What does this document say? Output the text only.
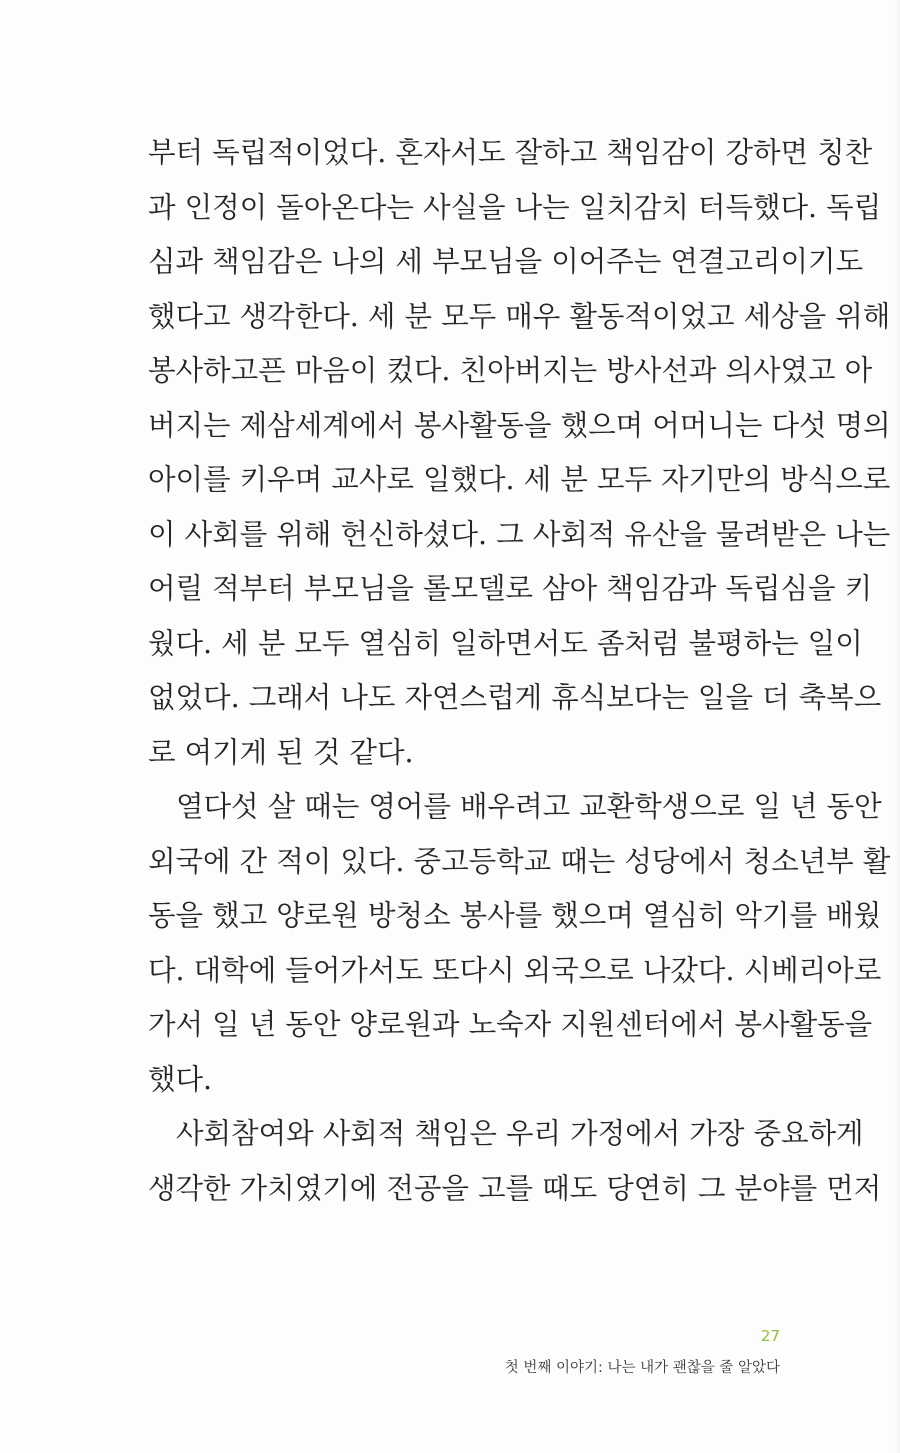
부터 독립적이었다. 혼자서도 잘하고 책임감이 강하면 칭찬
과 인정이 돌아온다는 사실을 나는 일치감치 터득했다. 독립
심과 책임감은 나의 세 부모님을 이어주는 연결고리이기도
했다고 생각한다. 세 분 모두 매우 활동적이었고 세상을 위해
봉사하고픈 마음이 컸다. 친아버지는 방사선과 의사였고 아
버지는 제삼세계에서 봉사활동을 했으며 어머니는 다섯 명의
아이를 키우며 교사로 일했다. 세 분 모두 자기만의 방식으로
이 사회를 위해 헌신하셨다. 그 사회적 유산을 물려받은 나는
어릴 적부터 부모님을 롤모델로 삼아 책임감과 독립심을 키
웠다. 세 분 모두 열심히 일하면서도 좀처럼 불평하는 일이
없었다. 그래서 나도 자연스럽게 휴식보다는 일을 더 축복으
로 여기게 된 것 같다.
열다섯 살 때는 영어를 배우려고 교환학생으로 일 년 동안
외국에 간 적이 있다. 중고등학교 때는 성당에서 청소년부 활
동을 했고 양로원 방청소 봉사를 했으며 열심히 악기를 배웠
다. 대학에 들어가서도 또다시 외국으로 나갔다. 시베리아로
가서 일 년 동안 양로원과 노숙자 지원센터에서 봉사활동을
했다.
사회참여와 사회적 책임은 우리 가정에서 가장 중요하게
생각한 가치였기에 전공을 고를 때도 당연히 그 분야를 먼저
27
첫 번째 이야기: 나는 내가 괜찮을 줄 알았다
